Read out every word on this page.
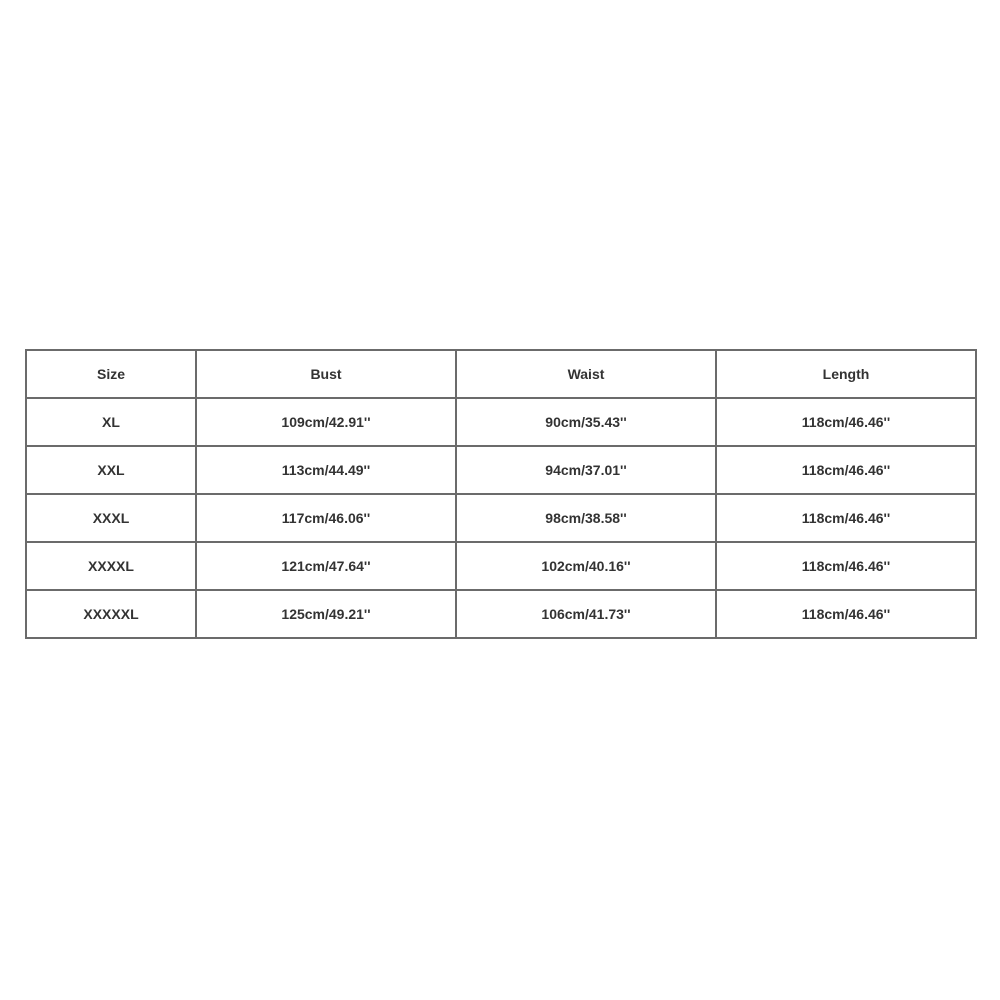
Size	Bust	Waist	Length
XL	109cm/42.91''	90cm/35.43''	118cm/46.46''
XXL	113cm/44.49''	94cm/37.01''	118cm/46.46''
XXXL	117cm/46.06''	98cm/38.58''	118cm/46.46''
XXXXL	121cm/47.64''	102cm/40.16''	118cm/46.46''
XXXXXL	125cm/49.21''	106cm/41.73''	118cm/46.46''
